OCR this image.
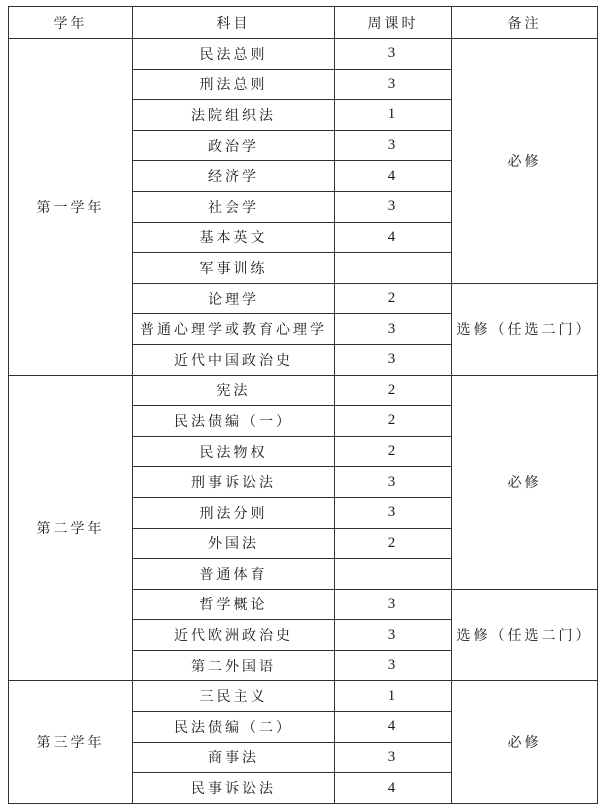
学年	科目	周课时	备注
第一学年	民法总则	3	必修
	刑法总则	3	
	法院组织法	1	
	政治学	3	
	经济学	4	
	社会学	3	
	基本英文	4	
	军事训练		
	论理学	2	选修（任选二门）
	普通心理学或教育心理学	3	
	近代中国政治史	3	
第二学年	宪法	2	必修
	民法债编（一）	2	
	民法物权	2	
	刑事诉讼法	3	
	刑法分则	3	
	外国法	2	
	普通体育		
	哲学概论	3	选修（任选二门）
	近代欧洲政治史	3	
	第二外国语	3	
第三学年	三民主义	1	必修
	民法债编（二）	4	
	商事法	3	
	民事诉讼法	4	
